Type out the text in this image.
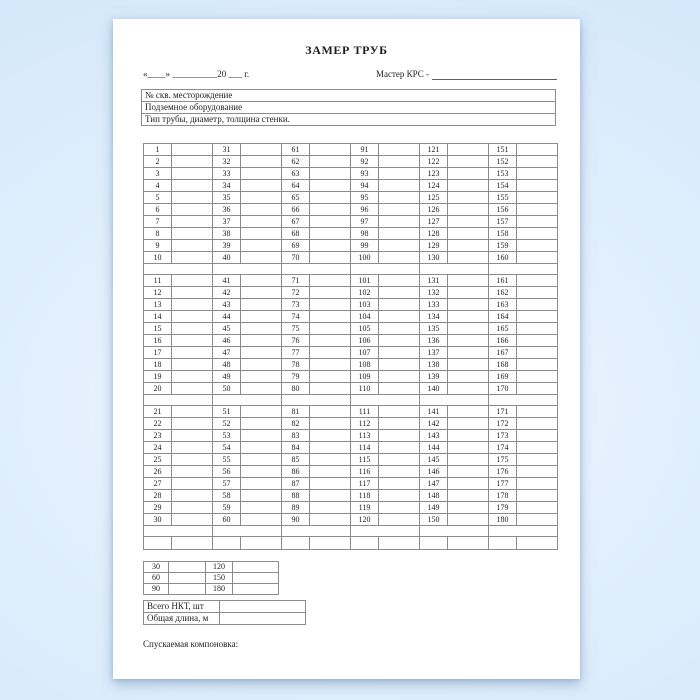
ЗАМЕР ТРУБ
«____» __________20 ___ г.	Мастер КРС -
№ скв. месторождение
Подземное оборудование
Тип трубы, диаметр, толщина стенки.
1		31		61		91		121		151	
2		32		62		92		122		152	
3		33		63		93		123		153	
4		34		64		94		124		154	
5		35		65		95		125		155	
6		36		66		96		126		156	
7		37		67		97		127		157	
8		38		68		98		128		158	
9		39		69		99		129		159	
10		40		70		100		130		160	

11		41		71		101		131		161	
12		42		72		102		132		162	
13		43		73		103		133		163	
14		44		74		104		134		164	
15		45		75		105		135		165	
16		46		76		106		136		166	
17		47		77		107		137		167	
18		48		78		108		138		168	
19		49		79		109		139		169	
20		50		80		110		140		170	

21		51		81		111		141		171	
22		52		82		112		142		172	
23		53		83		113		143		173	
24		54		84		114		144		174	
25		55		85		115		145		175	
26		56		86		116		146		176	
27		57		87		117		147		177	
28		58		88		118		148		178	
29		59		89		119		149		179	
30		60		90		120		150		180	

30		120	
60		150	
90		180	
Всего НКТ, шт	
Общая длина, м	
Спускаемая компоновка:
